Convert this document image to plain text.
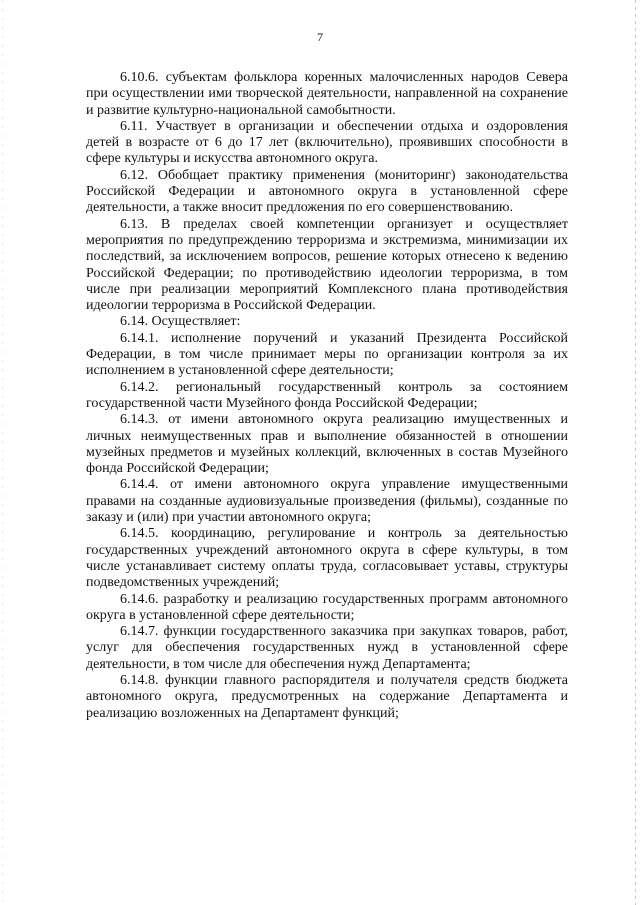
7

6.10.6. субъектам фольклора коренных малочисленных народов Севера при осуществлении ими творческой деятельности, направленной на сохранение и развитие культурно-национальной самобытности.

6.11. Участвует в организации и обеспечении отдыха и оздоровления детей в возрасте от 6 до 17 лет (включительно), проявивших способности в сфере культуры и искусства автономного округа.

6.12. Обобщает практику применения (мониторинг) законодательства Российской Федерации и автономного округа в установленной сфере деятельности, а также вносит предложения по его совершенствованию.

6.13. В пределах своей компетенции организует и осуществляет мероприятия по предупреждению терроризма и экстремизма, минимизации их последствий, за исключением вопросов, решение которых отнесено к ведению Российской Федерации; по противодействию идеологии терроризма, в том числе при реализации мероприятий Комплексного плана противодействия идеологии терроризма в Российской Федерации.

6.14. Осуществляет:

6.14.1. исполнение поручений и указаний Президента Российской Федерации, в том числе принимает меры по организации контроля за их исполнением в установленной сфере деятельности;

6.14.2. региональный государственный контроль за состоянием государственной части Музейного фонда Российской Федерации;

6.14.3. от имени автономного округа реализацию имущественных и личных неимущественных прав и выполнение обязанностей в отношении музейных предметов и музейных коллекций, включенных в состав Музейного фонда Российской Федерации;

6.14.4. от имени автономного округа управление имущественными правами на созданные аудиовизуальные произведения (фильмы), созданные по заказу и (или) при участии автономного округа;

6.14.5. координацию, регулирование и контроль за деятельностью государственных учреждений автономного округа в сфере культуры, в том числе устанавливает систему оплаты труда, согласовывает уставы, структуры подведомственных учреждений;

6.14.6. разработку и реализацию государственных программ автономного округа в установленной сфере деятельности;

6.14.7. функции государственного заказчика при закупках товаров, работ, услуг для обеспечения государственных нужд в установленной сфере деятельности, в том числе для обеспечения нужд Департамента;

6.14.8. функции главного распорядителя и получателя средств бюджета автономного округа, предусмотренных на содержание Департамента и реализацию возложенных на Департамент функций;
